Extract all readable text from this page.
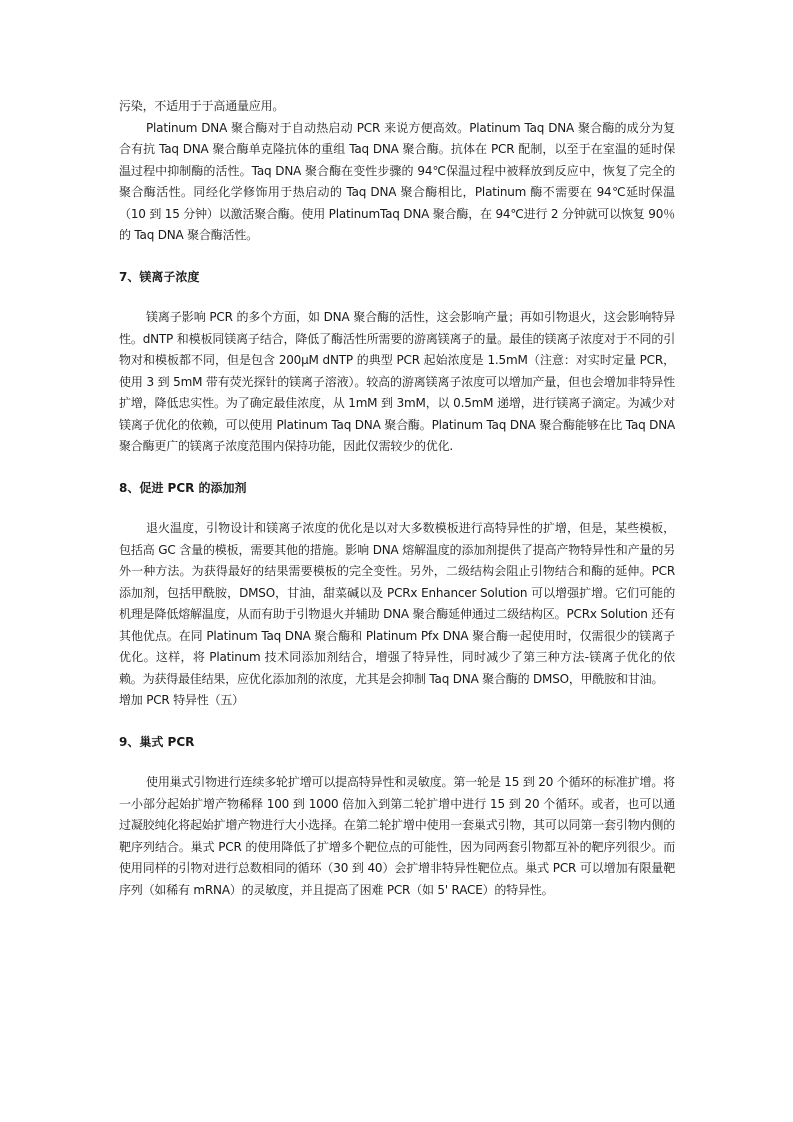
污染，不适用于于高通量应用。

Platinum DNA 聚合酶对于自动热启动 PCR 来说方便高效。Platinum Taq DNA 聚合酶的成分为复合有抗 Taq DNA 聚合酶单克隆抗体的重组 Taq DNA 聚合酶。抗体在 PCR 配制，以至于在室温的延时保温过程中抑制酶的活性。Taq DNA 聚合酶在变性步骤的 94℃保温过程中被释放到反应中，恢复了完全的聚合酶活性。同经化学修饰用于热启动的 Taq DNA 聚合酶相比，Platinum 酶不需要在 94℃延时保温（10 到 15 分钟）以激活聚合酶。使用 PlatinumTaq DNA 聚合酶，在 94℃进行 2 分钟就可以恢复 90％的 Taq DNA 聚合酶活性。

7、镁离子浓度

镁离子影响 PCR 的多个方面，如 DNA 聚合酶的活性，这会影响产量；再如引物退火，这会影响特异性。dNTP 和模板同镁离子结合，降低了酶活性所需要的游离镁离子的量。最佳的镁离子浓度对于不同的引物对和模板都不同，但是包含 200μM dNTP 的典型 PCR 起始浓度是 1.5mM（注意：对实时定量 PCR，使用 3 到 5mM 带有荧光探针的镁离子溶液）。较高的游离镁离子浓度可以增加产量，但也会增加非特异性扩增，降低忠实性。为了确定最佳浓度，从 1mM 到 3mM，以 0.5mM 递增，进行镁离子滴定。为减少对镁离子优化的依赖，可以使用 Platinum Taq DNA 聚合酶。Platinum Taq DNA 聚合酶能够在比 Taq DNA 聚合酶更广的镁离子浓度范围内保持功能，因此仅需较少的优化.

8、促进 PCR 的添加剂

退火温度，引物设计和镁离子浓度的优化是以对大多数模板进行高特异性的扩增，但是，某些模板，包括高 GC 含量的模板，需要其他的措施。影响 DNA 熔解温度的添加剂提供了提高产物特异性和产量的另外一种方法。为获得最好的结果需要模板的完全变性。另外，二级结构会阻止引物结合和酶的延伸。PCR 添加剂，包括甲酰胺，DMSO，甘油，甜菜碱以及 PCRx Enhancer Solution 可以增强扩增。它们可能的机理是降低熔解温度，从而有助于引物退火并辅助 DNA 聚合酶延伸通过二级结构区。PCRx Solution 还有其他优点。在同 Platinum Taq DNA 聚合酶和 Platinum Pfx DNA 聚合酶一起使用时，仅需很少的镁离子优化。这样，将 Platinum 技术同添加剂结合，增强了特异性，同时减少了第三种方法-镁离子优化的依赖。为获得最佳结果，应优化添加剂的浓度，尤其是会抑制 Taq DNA 聚合酶的 DMSO，甲酰胺和甘油。

增加 PCR 特异性（五）

9、巢式 PCR

使用巢式引物进行连续多轮扩增可以提高特异性和灵敏度。第一轮是 15 到 20 个循环的标准扩增。将一小部分起始扩增产物稀释 100 到 1000 倍加入到第二轮扩增中进行 15 到 20 个循环。或者，也可以通过凝胶纯化将起始扩增产物进行大小选择。在第二轮扩增中使用一套巢式引物，其可以同第一套引物内侧的靶序列结合。巢式 PCR 的使用降低了扩增多个靶位点的可能性，因为同两套引物都互补的靶序列很少。而使用同样的引物对进行总数相同的循环（30 到 40）会扩增非特异性靶位点。巢式 PCR 可以增加有限量靶序列（如稀有 mRNA）的灵敏度，并且提高了困难 PCR（如 5' RACE）的特异性。
